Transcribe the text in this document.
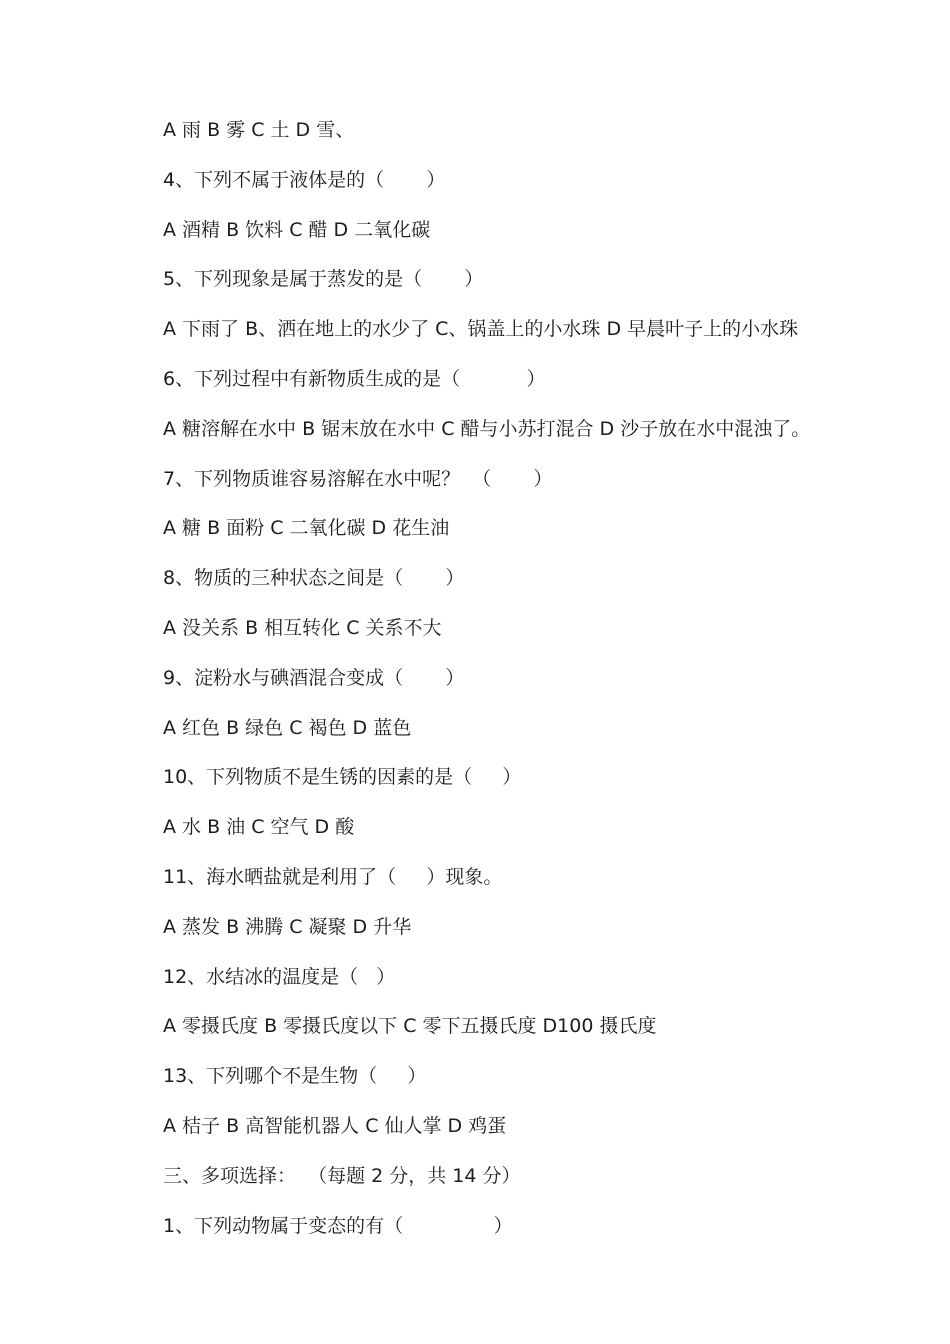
A 雨 B 雾 C 土 D 雪、
4、下列不属于液体是的（       ）
A 酒精 B 饮料 C 醋 D 二氧化碳
5、下列现象是属于蒸发的是（       ）
A 下雨了 B、洒在地上的水少了 C、锅盖上的小水珠 D 早晨叶子上的小水珠
6、下列过程中有新物质生成的是（           ）
A 糖溶解在水中 B 锯末放在水中 C 醋与小苏打混合 D 沙子放在水中混浊了。
7、下列物质谁容易溶解在水中呢？  （       ）
A 糖 B 面粉 C 二氧化碳 D 花生油
8、物质的三种状态之间是（       ）
A 没关系 B 相互转化 C 关系不大
9、淀粉水与碘酒混合变成（       ）
A 红色 B 绿色 C 褐色 D 蓝色
10、下列物质不是生锈的因素的是（     ）
A 水 B 油 C 空气 D 酸
11、海水晒盐就是利用了（     ）现象。
A 蒸发 B 沸腾 C 凝聚 D 升华
12、水结冰的温度是（   ）
A 零摄氏度 B 零摄氏度以下 C 零下五摄氏度 D100 摄氏度
13、下列哪个不是生物（     ）
A 桔子 B 高智能机器人 C 仙人掌 D 鸡蛋
三、多项选择：  （每题 2 分，共 14 分）
1、下列动物属于变态的有（               ）
